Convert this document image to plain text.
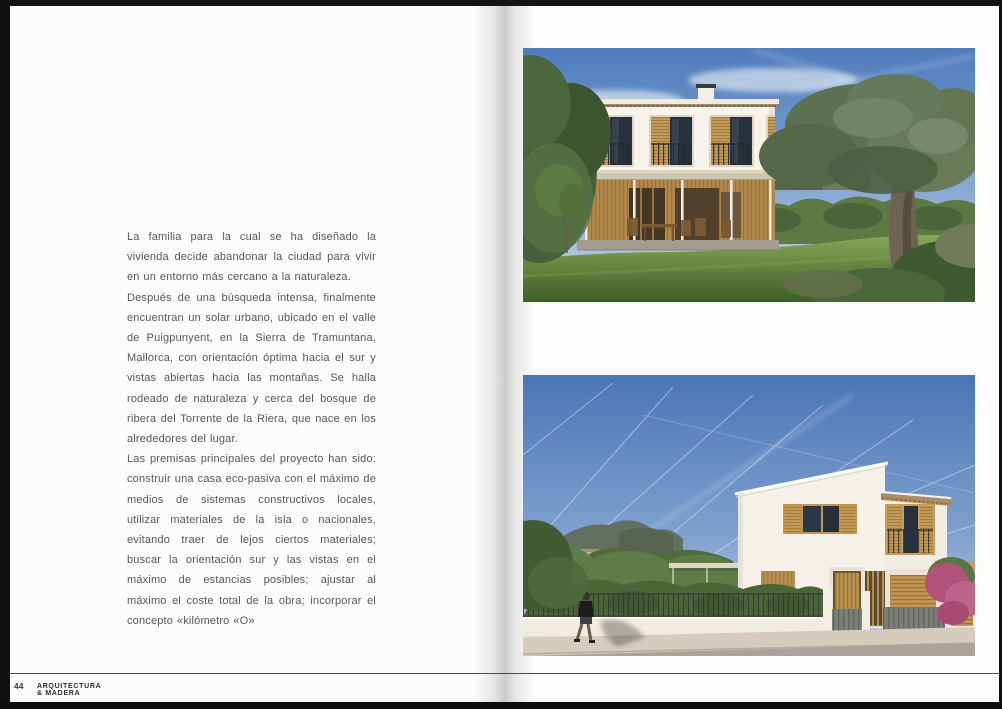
La familia para la cual se ha diseñado la vivienda decide abandonar la ciudad para vivir en un entorno más cercano a la naturaleza.

Después de una búsqueda intensa, finalmente encuentran un solar urbano, ubicado en el valle de Puigpunyent, en la Sierra de Tramuntana, Mallorca, con orientación óptima hacia el sur y vistas abiertas hacia las montañas. Se halla rodeado de naturaleza y cerca del bosque de ribera del Torrente de la Riera, que nace en los alrededores del lugar.

Las premisas principales del proyecto han sido: construir una casa eco-pasiva con el máximo de medios de sistemas constructivos locales, utilizar materiales de la isla o nacionales, evitando traer de lejos ciertos materiales; buscar la orientación sur y las vistas en el máximo de estancias posibles; ajustar al máximo el coste total de la obra; incorporar el concepto «kilómetro «O»

44 ARQUITECTURA & MADERA
